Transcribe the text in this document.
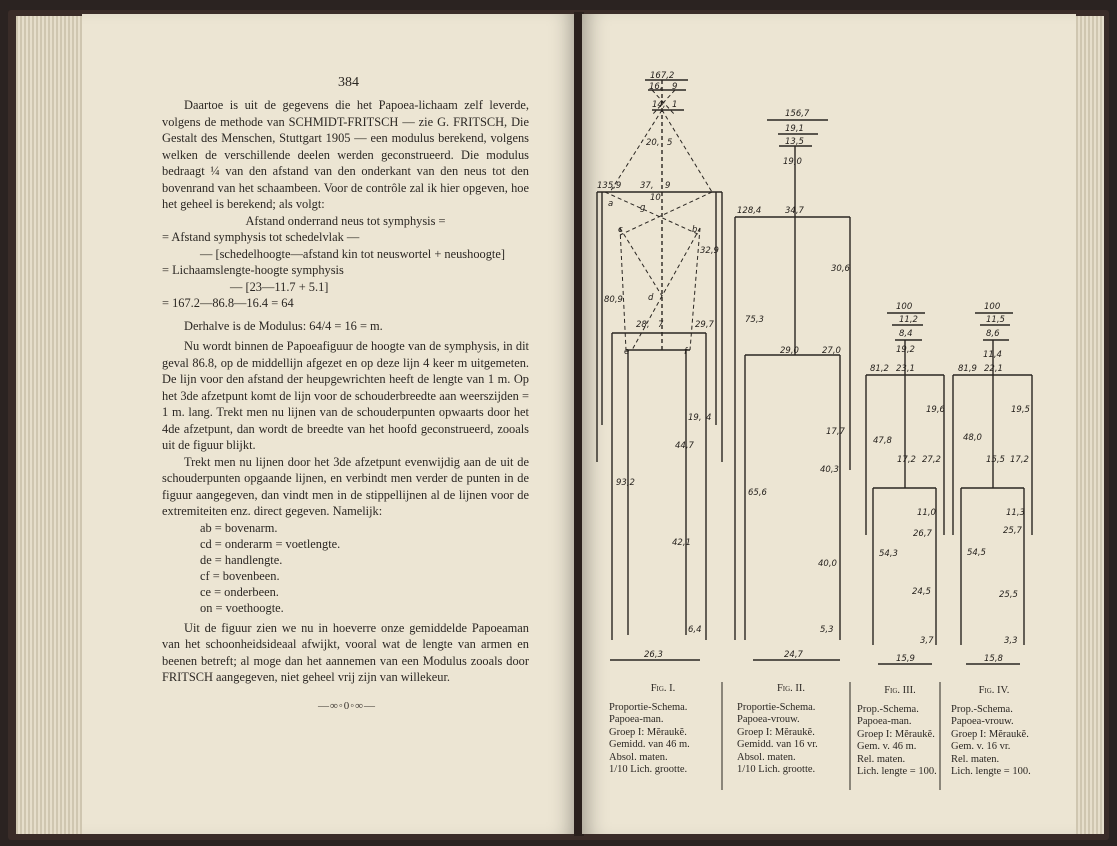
384

Daartoe is uit de gegevens die het Papoea-lichaam zelf leverde, volgens de methode van SCHMIDT-FRITSCH — zie G. FRITSCH, Die Gestalt des Menschen, Stuttgart 1905 — een modulus berekend, volgens welken de verschillende deelen werden geconstrueerd. Die modulus bedraagt ¼ van den afstand van den onderkant van den neus tot den bovenrand van het schaambeen. Voor de contrôle zal ik hier opgeven, hoe het geheel is berekend; als volgt:

Afstand onderrand neus tot symphysis =

= Afstand symphysis tot schedelvlak —

— [schedelhoogte—afstand kin tot neuswortel + neushoogte]

= Lichaamslengte-hoogte symphysis

— [23—11.7 + 5.1]

= 167.2—86.8—16.4 = 64

Derhalve is de Modulus: 64/4 = 16 = m.

Nu wordt binnen de Papoeafiguur de hoogte van de symphysis, in dit geval 86.8, op de middellijn afgezet en op deze lijn 4 keer m uitgemeten. De lijn voor den afstand der heupgewrichten heeft de lengte van 1 m. Op het 3de afzetpunt komt de lijn voor de schouderbreedte aan weerszijden = 1 m. lang. Trekt men nu lijnen van de schouderpunten opwaarts door het 4de afzetpunt, dan wordt de breedte van het hoofd geconstrueerd, zooals uit de figuur blijkt.

Trekt men nu lijnen door het 3de afzetpunt evenwijdig aan de uit de schouderpunten opgaande lijnen, en verbindt men verder de punten in de figuur aangegeven, dan vindt men in de stippellijnen al de lijnen voor de extremiteiten enz. direct gegeven. Namelijk:

ab = bovenarm.
cd = onderarm = voetlengte.
de = handlengte.
cf = bovenbeen.
ce = onderbeen.
on = voethoogte.

Uit de figuur zien we nu in hoeverre onze gemiddelde Papoeaman van het schoonheidsideaal afwijkt, vooral wat de lengte van armen en beenen betreft; al moge dan het aannemen van een Modulus zooals door FRITSCH aangegeven, niet geheel vrij zijn van willekeur.

—∞◦0◦∞—
167,2
16, 9
14, 1
20, 5
135,9 37, 9
10
a	g
b
c
32,9
d
80,9
28, 7	29,7
e	f
19, 4
44,7
93,2
42,1
6,4
26,3
156,7
19,1
13,5
19,0
128,4	34,7
30,6
75,3
29,0	27,0
17,7
40,3
65,6
40,0
5,3
24,7
100
11,2
8,4
19,2
81,2 23,1
19,6
47,8
17,2 27,2
11,0
26,7
54,3
24,5
3,7
15,9
100
11,5
8,6
11,4
81,9 22,1
19,5
48,0
15,5 17,2
11,3
25,7
54,5
25,5
3,3
15,8
Fig. I.
Proportie-Schema.
Papoea-man.
Groep I: Mĕraukĕ.
Gemidd. van 46 m.
Absol. maten.
1/10 Lich. grootte.
Fig. II.
Proportie-Schema.
Papoea-vrouw.
Groep I: Mĕraukĕ.
Gemidd. van 16 vr.
Absol. maten.
1/10 Lich. grootte.
Fig. III.
Prop.-Schema.
Papoea-man.
Groep I: Mĕraukĕ.
Gem. v. 46 m.
Rel. maten.
Lich. lengte = 100.
Fig. IV.
Prop.-Schema.
Papoea-vrouw.
Groep I: Mĕraukĕ.
Gem. v. 16 vr.
Rel. maten.
Lich. lengte = 100.
